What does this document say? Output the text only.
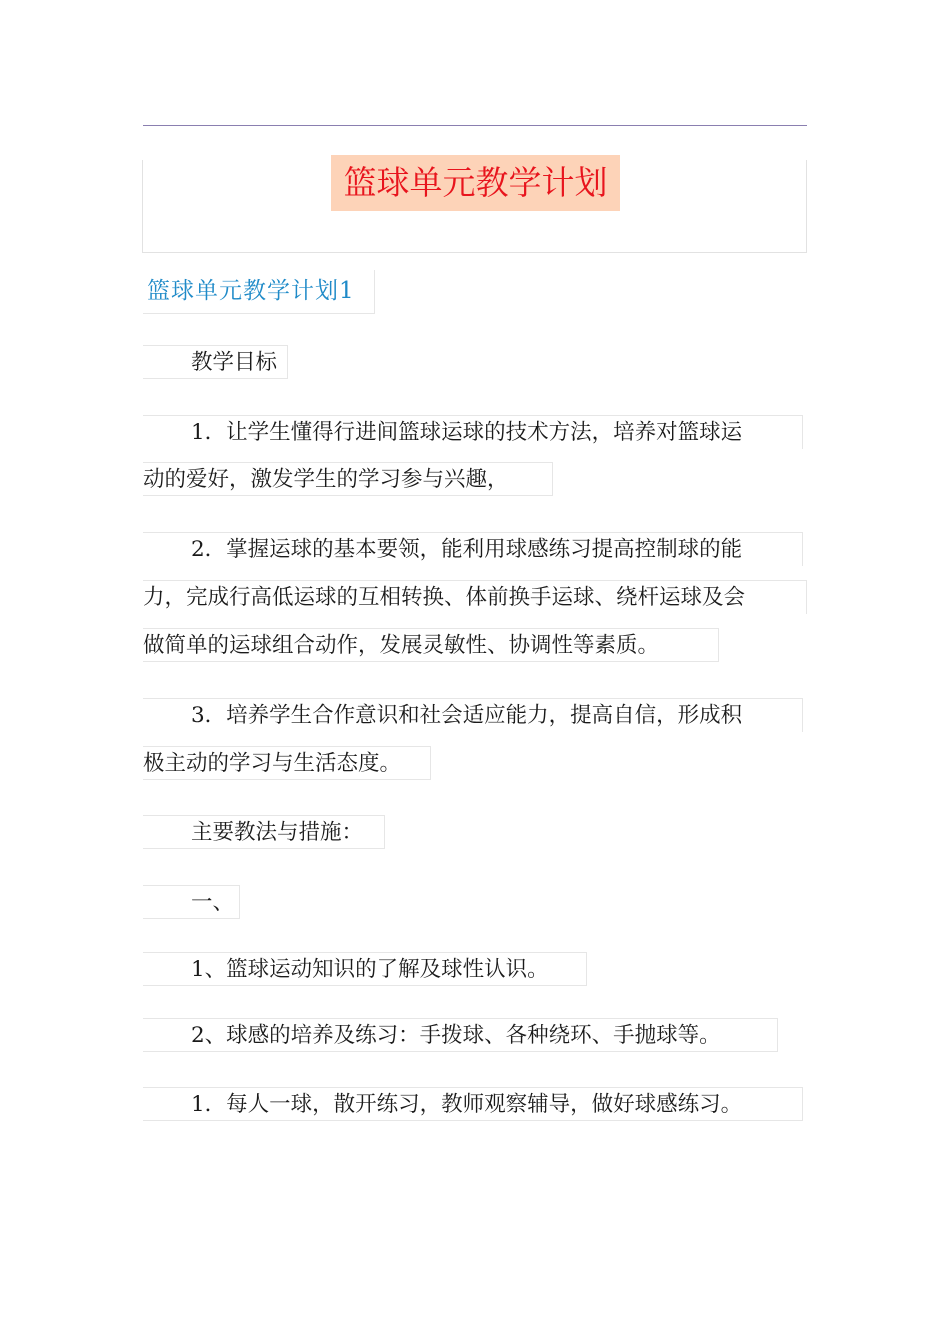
篮球单元教学计划
篮球单元教学计划1
教学目标
1．让学生懂得行进间篮球运球的技术方法，培养对篮球运
动的爱好，激发学生的学习参与兴趣，
2．掌握运球的基本要领，能利用球感练习提高控制球的能
力，完成行高低运球的互相转换、体前换手运球、绕杆运球及会
做简单的运球组合动作，发展灵敏性、协调性等素质。
3．培养学生合作意识和社会适应能力，提高自信，形成积
极主动的学习与生活态度。
主要教法与措施：
一、
1、篮球运动知识的了解及球性认识。
2、球感的培养及练习：手拨球、各种绕环、手抛球等。
1．每人一球，散开练习，教师观察辅导，做好球感练习。
